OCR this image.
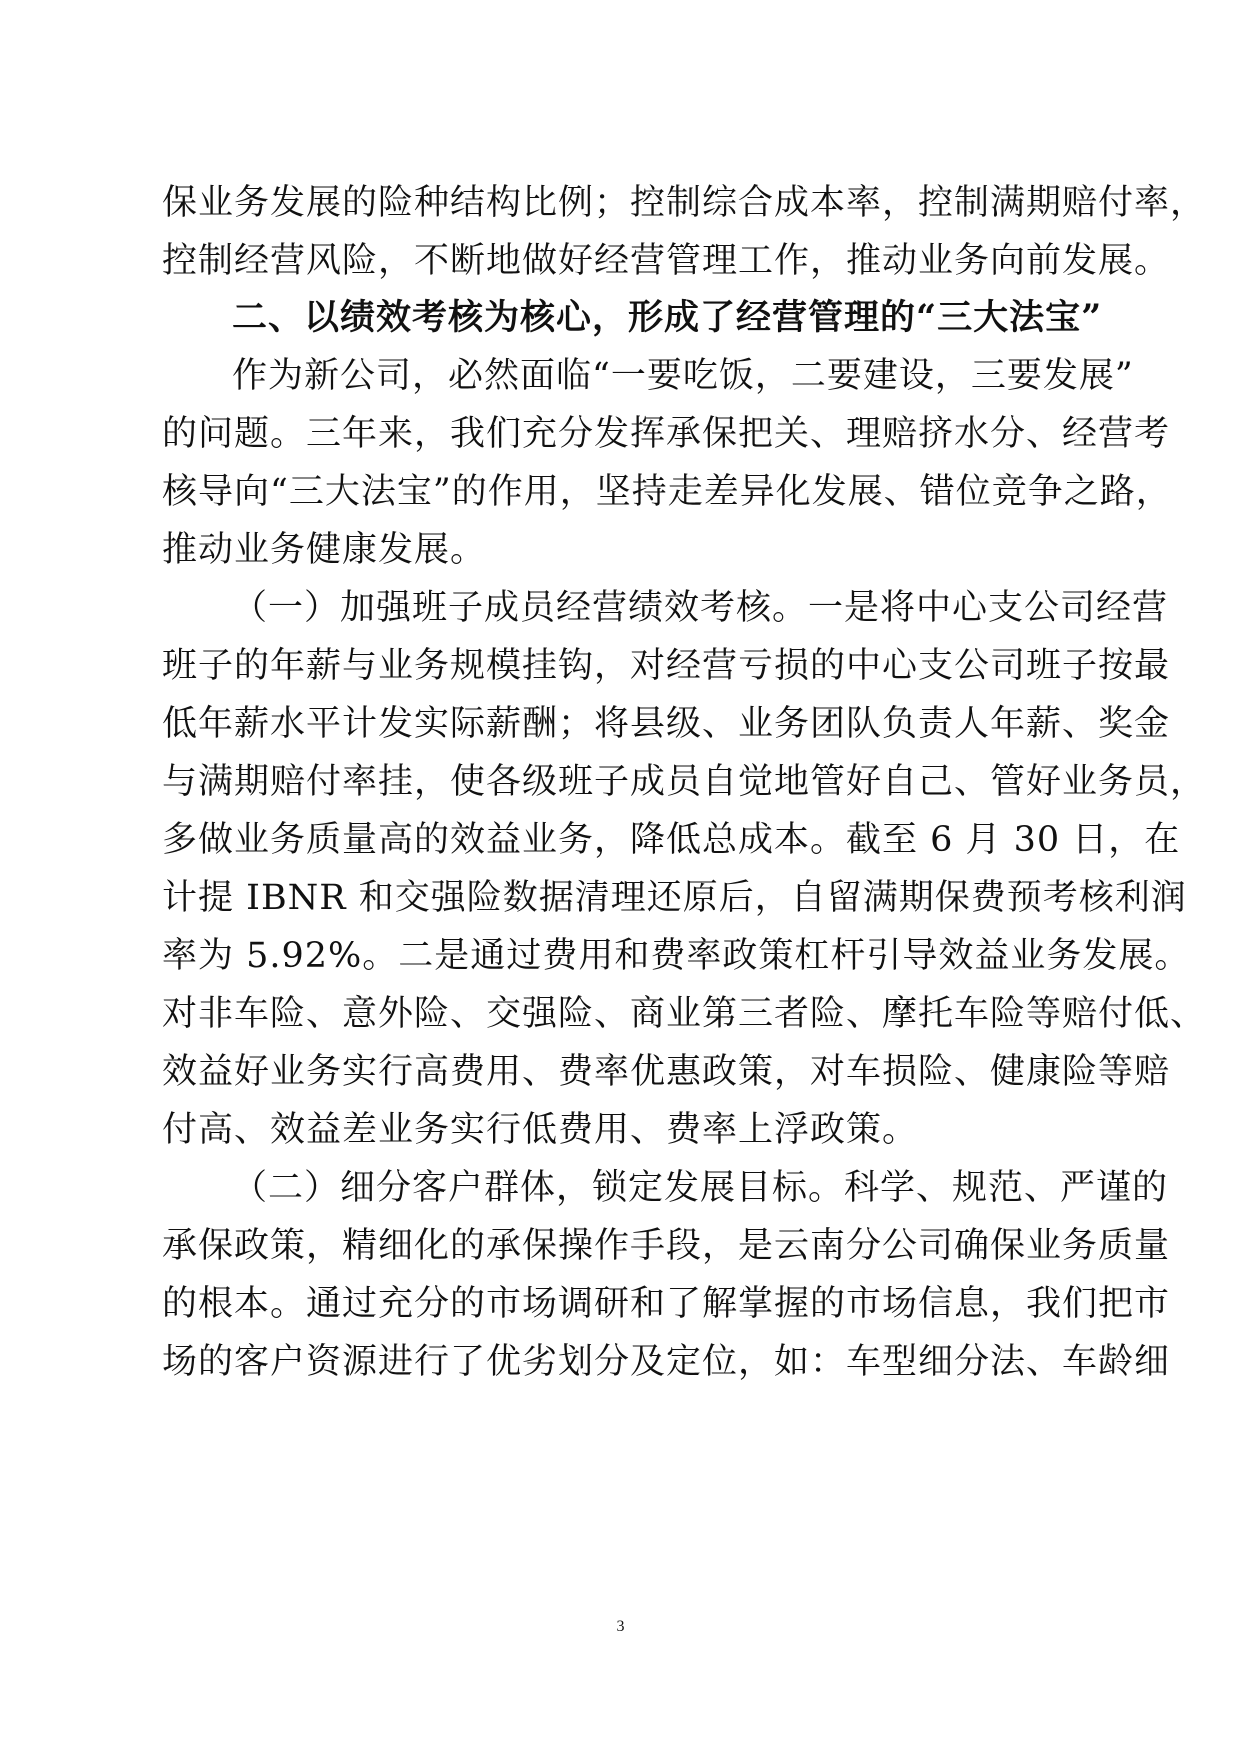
保业务发展的险种结构比例；控制综合成本率，控制满期赔付率，
控制经营风险，不断地做好经营管理工作，推动业务向前发展。
二、以绩效考核为核心，形成了经营管理的“三大法宝”
作为新公司，必然面临“一要吃饭，二要建设，三要发展”
的问题。三年来，我们充分发挥承保把关、理赔挤水分、经营考
核导向“三大法宝”的作用，坚持走差异化发展、错位竞争之路，
推动业务健康发展。
（一）加强班子成员经营绩效考核。一是将中心支公司经营
班子的年薪与业务规模挂钩，对经营亏损的中心支公司班子按最
低年薪水平计发实际薪酬；将县级、业务团队负责人年薪、奖金
与满期赔付率挂，使各级班子成员自觉地管好自己、管好业务员，
多做业务质量高的效益业务，降低总成本。截至 6 月 30 日，在
计提 IBNR 和交强险数据清理还原后，自留满期保费预考核利润
率为 5.92%。二是通过费用和费率政策杠杆引导效益业务发展。
对非车险、意外险、交强险、商业第三者险、摩托车险等赔付低、
效益好业务实行高费用、费率优惠政策，对车损险、健康险等赔
付高、效益差业务实行低费用、费率上浮政策。
（二）细分客户群体，锁定发展目标。科学、规范、严谨的
承保政策，精细化的承保操作手段，是云南分公司确保业务质量
的根本。通过充分的市场调研和了解掌握的市场信息，我们把市
场的客户资源进行了优劣划分及定位，如：车型细分法、车龄细
3
